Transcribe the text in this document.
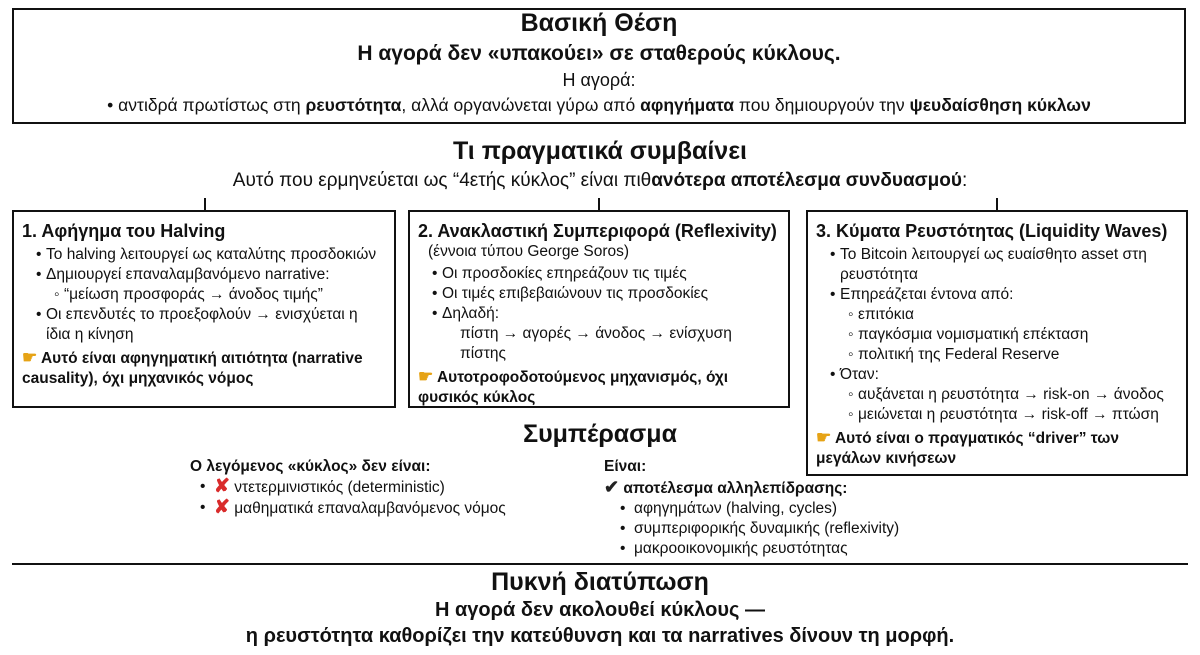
Βασική Θέση
Η αγορά δεν «υπακούει» σε σταθερούς κύκλους.
Η αγορά:
• αντιδρά πρωτίστως στη ρευστότητα, αλλά οργανώνεται γύρω από αφηγήματα που δημιουργούν την ψευδαίσθηση κύκλων
Τι πραγματικά συμβαίνει
Αυτό που ερμηνεύεται ως “4ετής κύκλος” είναι πιθανότερα αποτέλεσμα συνδυασμού:
1. Αφήγημα του Halving
• Το halving λειτουργεί ως καταλύτης προσδοκιών
• Δημιουργεί επαναλαμβανόμενο narrative:
◦ “μείωση προσφοράς → άνοδος τιμής”
• Οι επενδυτές το προεξοφλούν → ενισχύεται η ίδια η κίνηση
☛ Αυτό είναι αφηγηματική αιτιότητα (narrative causality), όχι μηχανικός νόμος
2. Ανακλαστική Συμπεριφορά (Reflexivity)
(έννοια τύπου George Soros)
• Οι προσδοκίες επηρεάζουν τις τιμές
• Οι τιμές επιβεβαιώνουν τις προσδοκίες
• Δηλαδή:
πίστη → αγορές → άνοδος → ενίσχυση πίστης
☛ Αυτοτροφοδοτούμενος μηχανισμός, όχι φυσικός κύκλος
3. Κύματα Ρευστότητας (Liquidity Waves)
• Το Bitcoin λειτουργεί ως ευαίσθητο asset στη ρευστότητα
• Επηρεάζεται έντονα από:
◦ επιτόκια
◦ παγκόσμια νομισματική επέκταση
◦ πολιτική της Federal Reserve
• Όταν:
◦ αυξάνεται η ρευστότητα → risk-on → άνοδος
◦ μειώνεται η ρευστότητα → risk-off → πτώση
☛ Αυτό είναι ο πραγματικός “driver” των μεγάλων κινήσεων
Συμπέρασμα
Ο λεγόμενος «κύκλος» δεν είναι:
• ✘ ντετερμινιστικός (deterministic)
• ✘ μαθηματικά επαναλαμβανόμενος νόμος
Είναι:
✔ αποτέλεσμα αλληλεπίδρασης:
• αφηγημάτων (halving, cycles)
• συμπεριφορικής δυναμικής (reflexivity)
• μακροοικονομικής ρευστότητας
Πυκνή διατύπωση
Η αγορά δεν ακολουθεί κύκλους —
η ρευστότητα καθορίζει την κατεύθυνση και τα narratives δίνουν τη μορφή.
